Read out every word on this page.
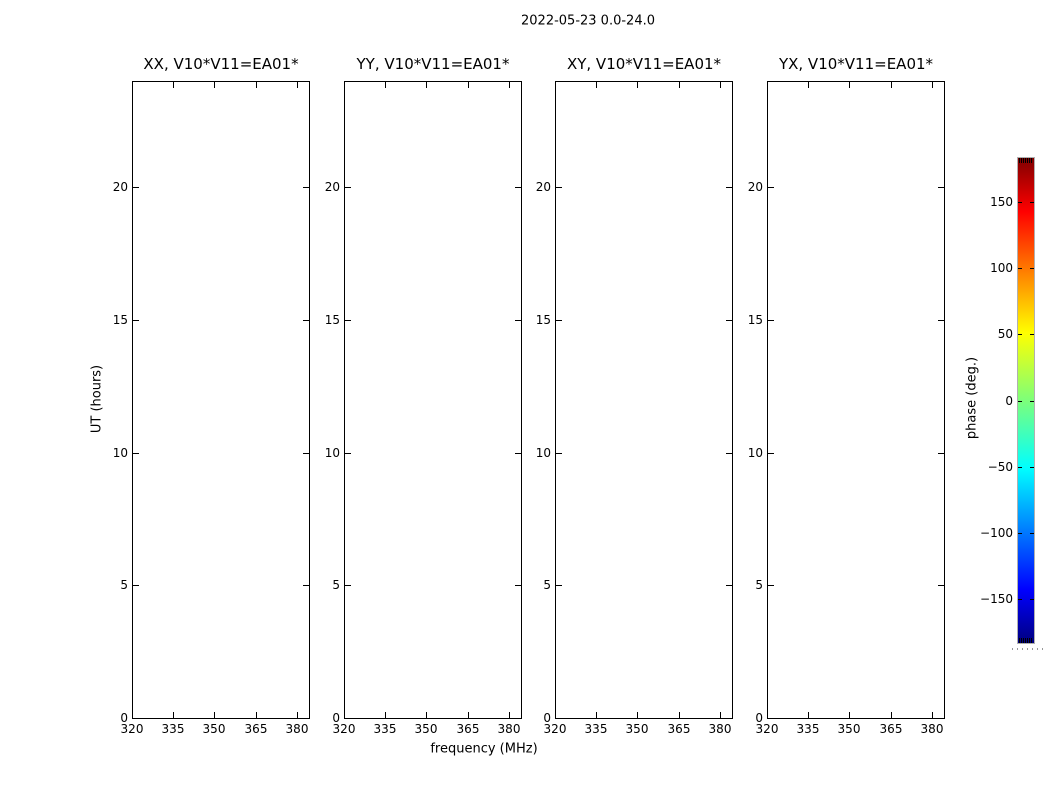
2022-05-23 0.0-24.0
XX, V10*V11=EA01*
320 335 350 365 380
0
5
10
15
20
YY, V10*V11=EA01*
320 335 350 365 380
0
5
10
15
20
XY, V10*V11=EA01*
320 335 350 365 380
0
5
10
15
20
YX, V10*V11=EA01*
320 335 350 365 380
0
5
10
15
20
frequency (MHz)
UT (hours)	phase (deg.)
150
100
50
0
−50
−100
−150
